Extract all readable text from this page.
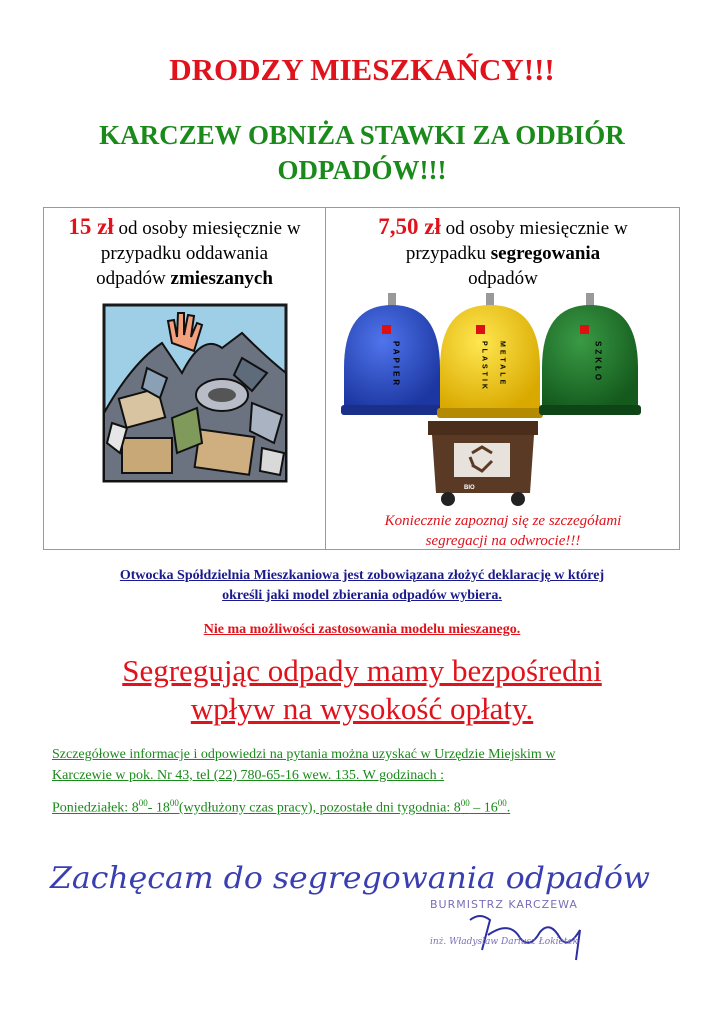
DRODZY MIESZKAŃCY!!!
KARCZEW OBNIŻA STAWKI ZA ODBIÓR
ODPADÓW!!!
15 zł od osoby miesięcznie w
przypadku oddawania
odpadów zmieszanych
7,50 zł od osoby miesięcznie w
przypadku segregowania
odpadów
PAPIER	PLASTIK METALE	SZKŁO
BIO
Koniecznie zapoznaj się ze szczegółami
segregacji na odwrocie!!!
Otwocka Spółdzielnia Mieszkaniowa jest zobowiązana złożyć deklarację w której
określi jaki model zbierania odpadów wybiera.
Nie ma możliwości zastosowania modelu mieszanego.
Segregując odpady mamy bezpośredni
wpływ na wysokość opłaty.
Szczegółowe informacje i odpowiedzi na pytania można uzyskać w Urzędzie Miejskim w
Karczewie w pok. Nr 43, tel (22) 780-65-16 wew. 135. W godzinach :
Poniedziałek: $8^{00}-$ $18^{00}(wydłużony$ czas pracy), pozostałe dni tygodnia: $8^{00} - 16^{00}$.
Zachęcam do segregowania odpadów
BURMISTRZ KARCZEWA
inż. Władysław Dariusz Łokietek
